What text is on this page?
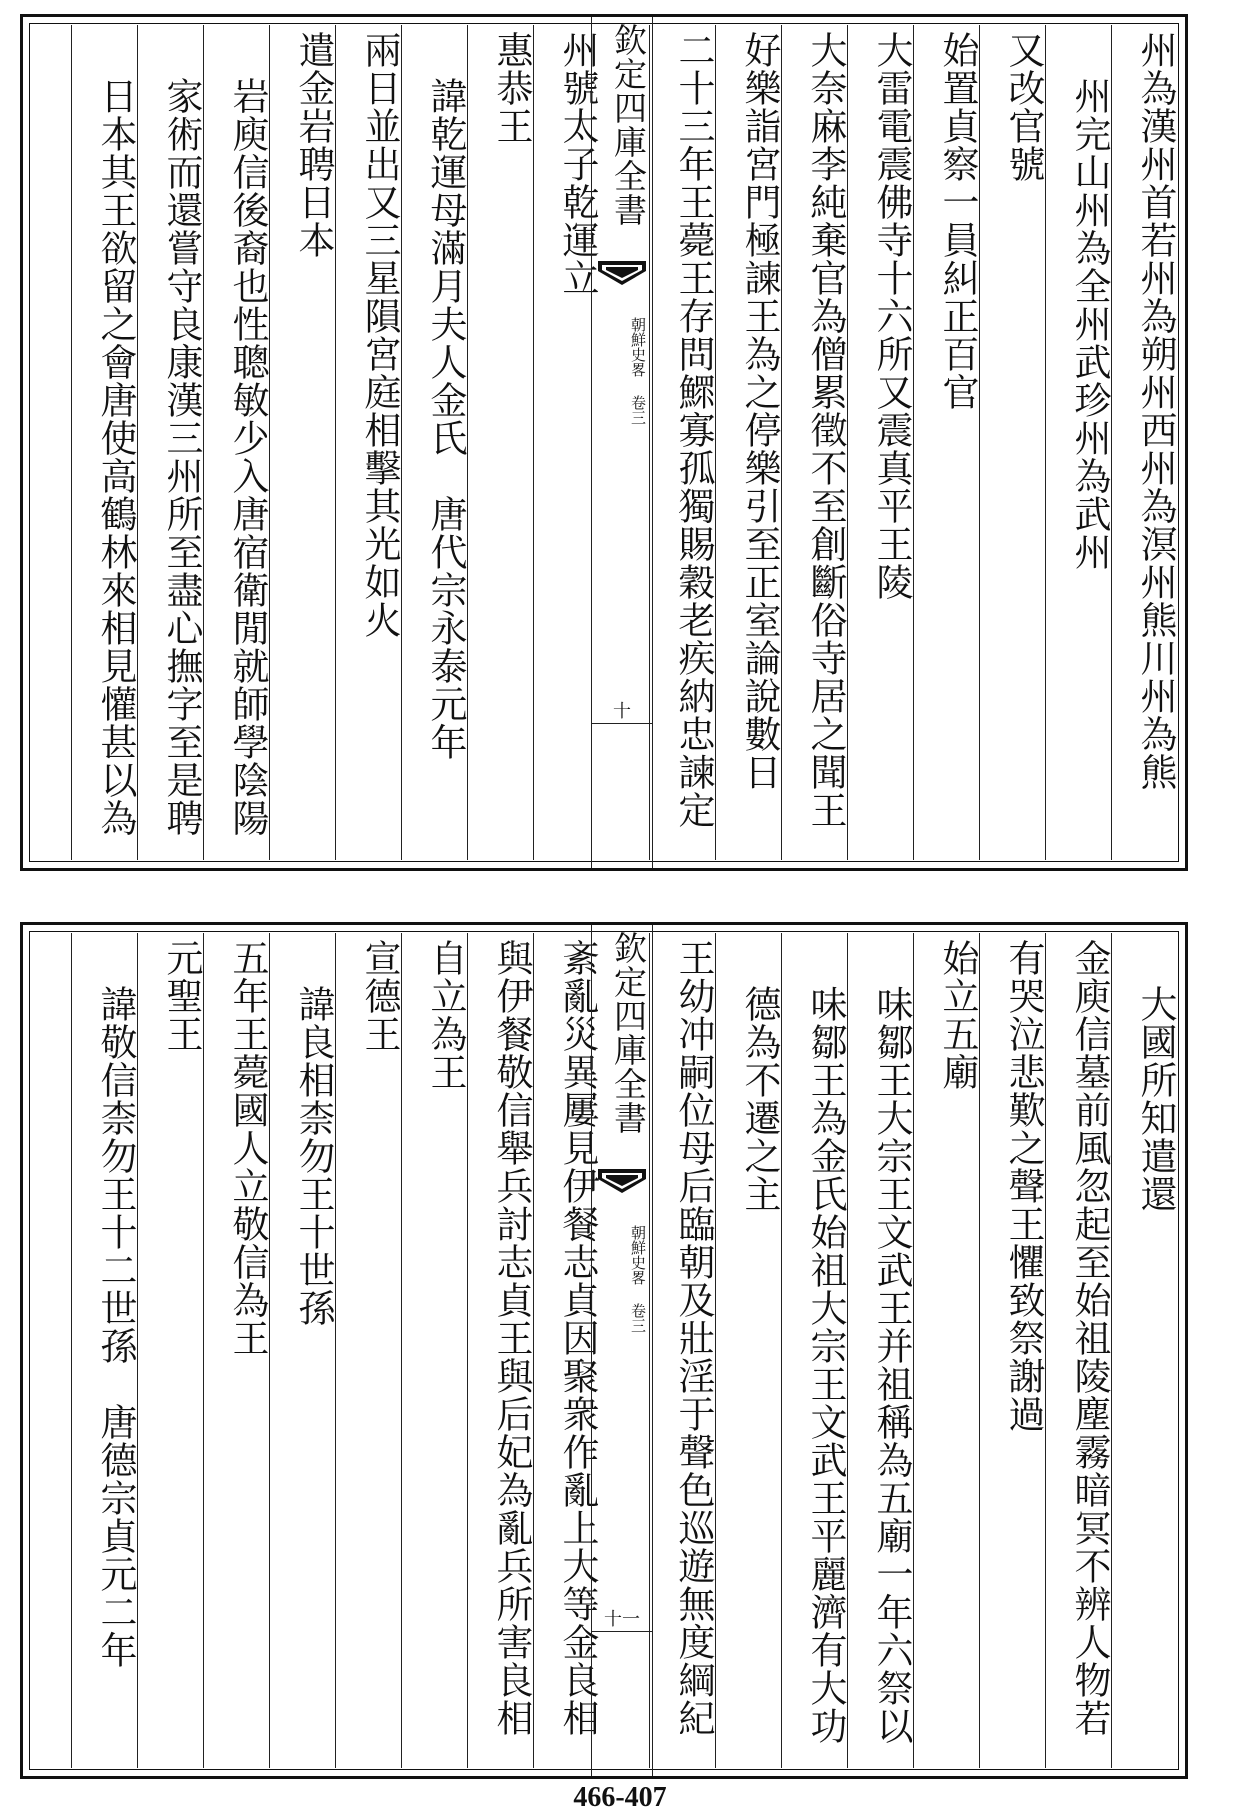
州為漢州首若州為朔州西州為溟州熊川州為熊
州完山州為全州武珍州為武州
又改官號
始置貞察一員糾正百官
大雷電震佛寺十六所又震真平王陵
大奈麻李純棄官為僧累徵不至創斷俗寺居之聞王
好樂詣宮門極諫王為之停樂引至正室論說數日
二十三年王薨王存問鰥寡孤獨賜穀老疾納忠諫定
州號太子乾運立
惠恭王
諱乾運母滿月夫人金氏　唐代宗永泰元年
兩日並出又三星隕宮庭相擊其光如火
遣金岩聘日本
岩庾信後裔也性聰敏少入唐宿衛閒就師學陰陽
家術而還嘗守良康漢三州所至盡心撫字至是聘
日本其王欲留之會唐使高鶴林來相見懽甚以為	欽定四庫全書
朝鮮史畧 卷三
十
大國所知遣還
金庾信墓前風忽起至始祖陵塵霧暗冥不辨人物若
有哭泣悲歎之聲王懼致祭謝過
始立五廟
味鄒王大宗王文武王并祖稱為五廟一年六祭以
味鄒王為金氏始祖大宗王文武王平麗濟有大功
德為不遷之主
王幼冲嗣位母后臨朝及壯淫于聲色巡遊無度綱紀
紊亂災異屢見伊餐志貞因聚衆作亂上大等金良相
與伊餐敬信舉兵討志貞王與后妃為亂兵所害良相
自立為王
宣德王
諱良相柰勿王十世孫
五年王薨國人立敬信為王
元聖王
諱敬信柰勿王十二世孫　唐德宗貞元二年	欽定四庫全書
朝鮮史畧 卷三
十一
466-407
